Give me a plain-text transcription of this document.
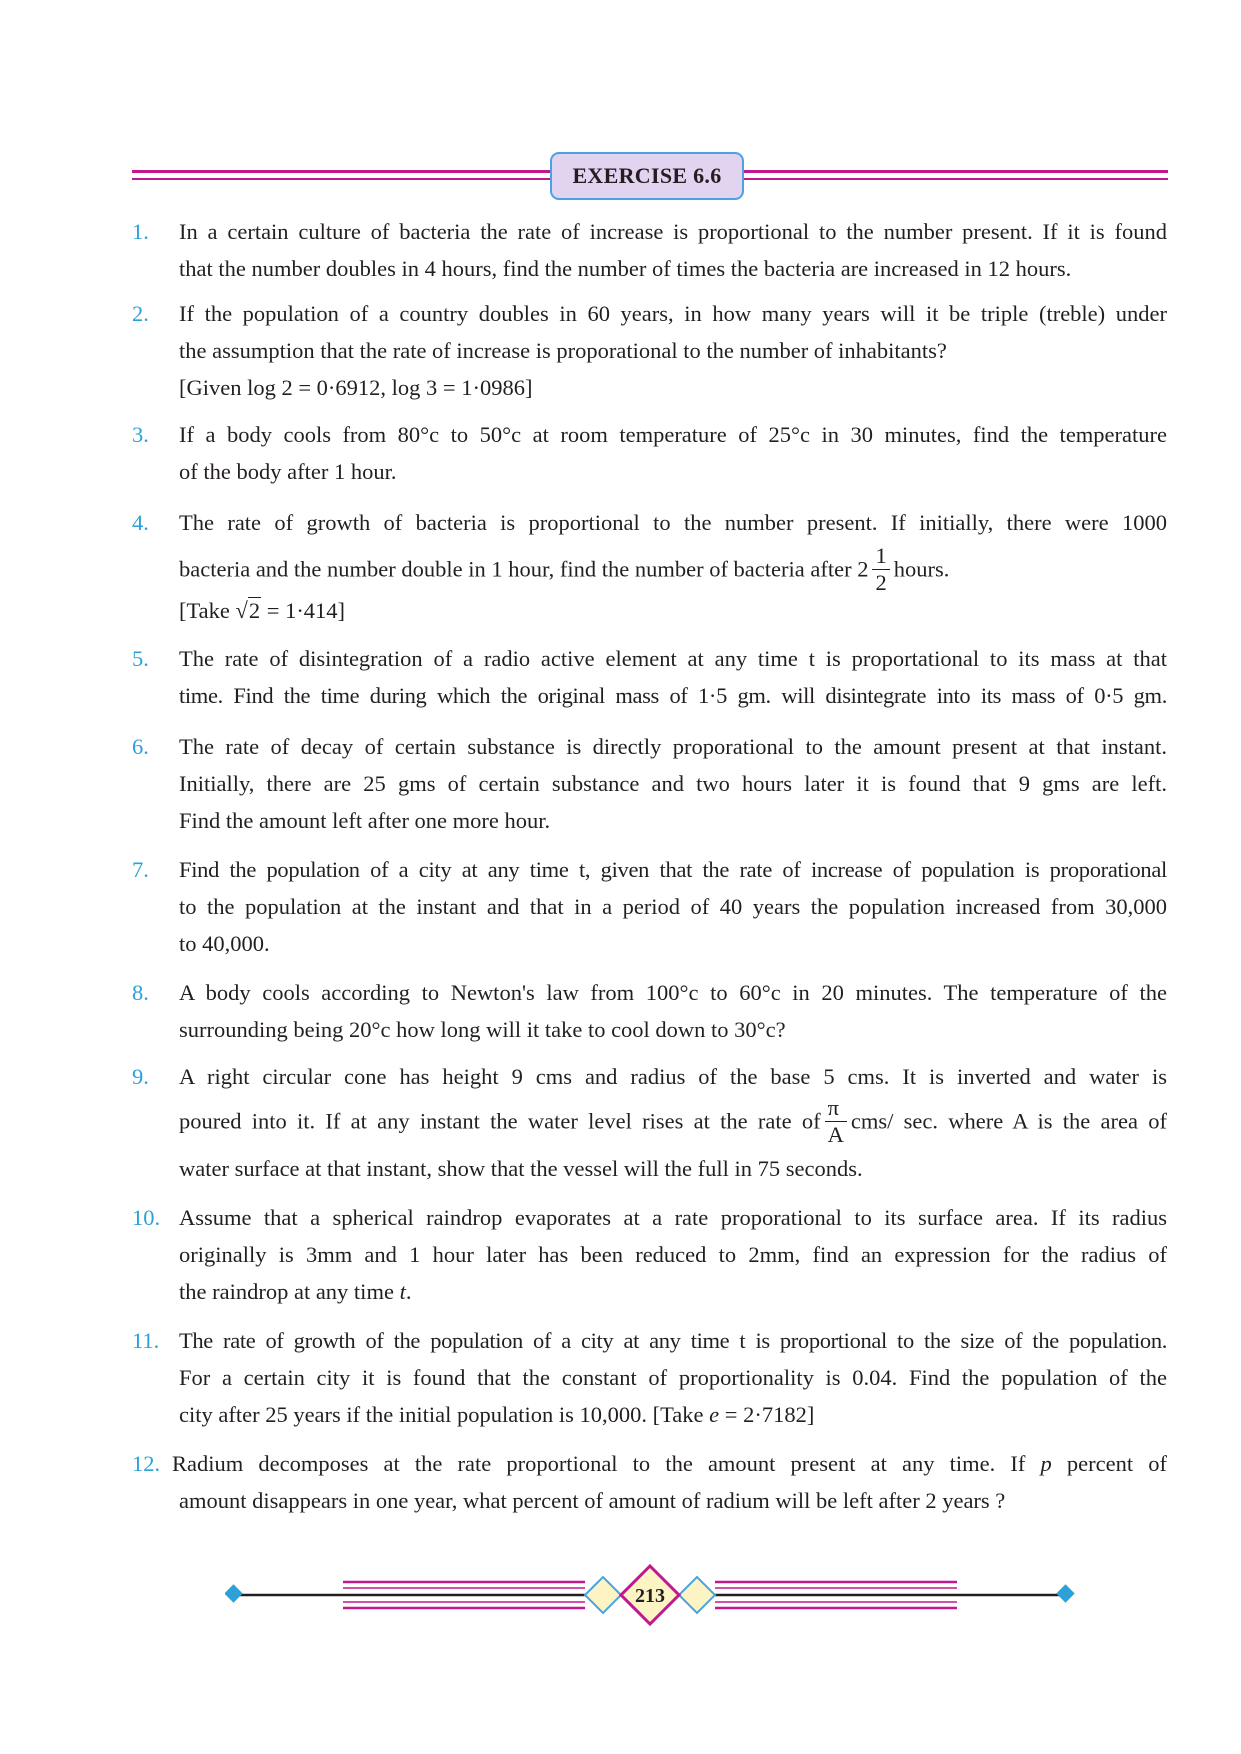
EXERCISE 6.6
1. In a certain culture of bacteria the rate of increase is proportional to the number present. If it is found
that the number doubles in 4 hours, find the number of times the bacteria are increased in 12 hours.
2. If the population of a country doubles in 60 years, in how many years will it be triple (treble) under
the assumption that the rate of increase is proporational to the number of inhabitants?
[Given log 2 = 0·6912, log 3 = 1·0986]
3. If a body cools from 80°c to 50°c at room temperature of 25°c in 30 minutes, find the temperature
of the body after 1 hour.
4. The rate of growth of bacteria is proportional to the number present. If initially, there were 1000
bacteria and the number double in 1 hour, find the number of bacteria after $2 \frac{1}{2}$ hours.
[Take √2 = 1·414]
5. The rate of disintegration of a radio active element at any time t is proportational to its mass at that
time. Find the time during which the original mass of 1·5 gm. will disintegrate into its mass of 0·5 gm.
6. The rate of decay of certain substance is directly proporational to the amount present at that instant.
Initially, there are 25 gms of certain substance and two hours later it is found that 9 gms are left.
Find the amount left after one more hour.
7. Find the population of a city at any time t, given that the rate of increase of population is proporational
to the population at the instant and that in a period of 40 years the population increased from 30,000
to 40,000.
8. A body cools according to Newton's law from 100°c to 60°c in 20 minutes. The temperature of the
surrounding being 20°c how long will it take to cool down to 30°c?
9. A right circular cone has height 9 cms and radius of the base 5 cms. It is inverted and water is
poured into it. If at any instant the water level rises at the rate of $\frac{\pi}{A} cms/$ sec. where A is the area of
water surface at that instant, show that the vessel will the full in 75 seconds.
10. Assume that a spherical raindrop evaporates at a rate proporational to its surface area. If its radius
originally is 3mm and 1 hour later has been reduced to 2mm, find an expression for the radius of
the raindrop at any time t.
11. The rate of growth of the population of a city at any time t is proportional to the size of the population.
For a certain city it is found that the constant of proportionality is 0.04. Find the population of the
city after 25 years if the initial population is 10,000. [Take e = 2·7182]
12. Radium decomposes at the rate proportional to the amount present at any time. If p percent of
amount disappears in one year, what percent of amount of radium will be left after 2 years ?
213
